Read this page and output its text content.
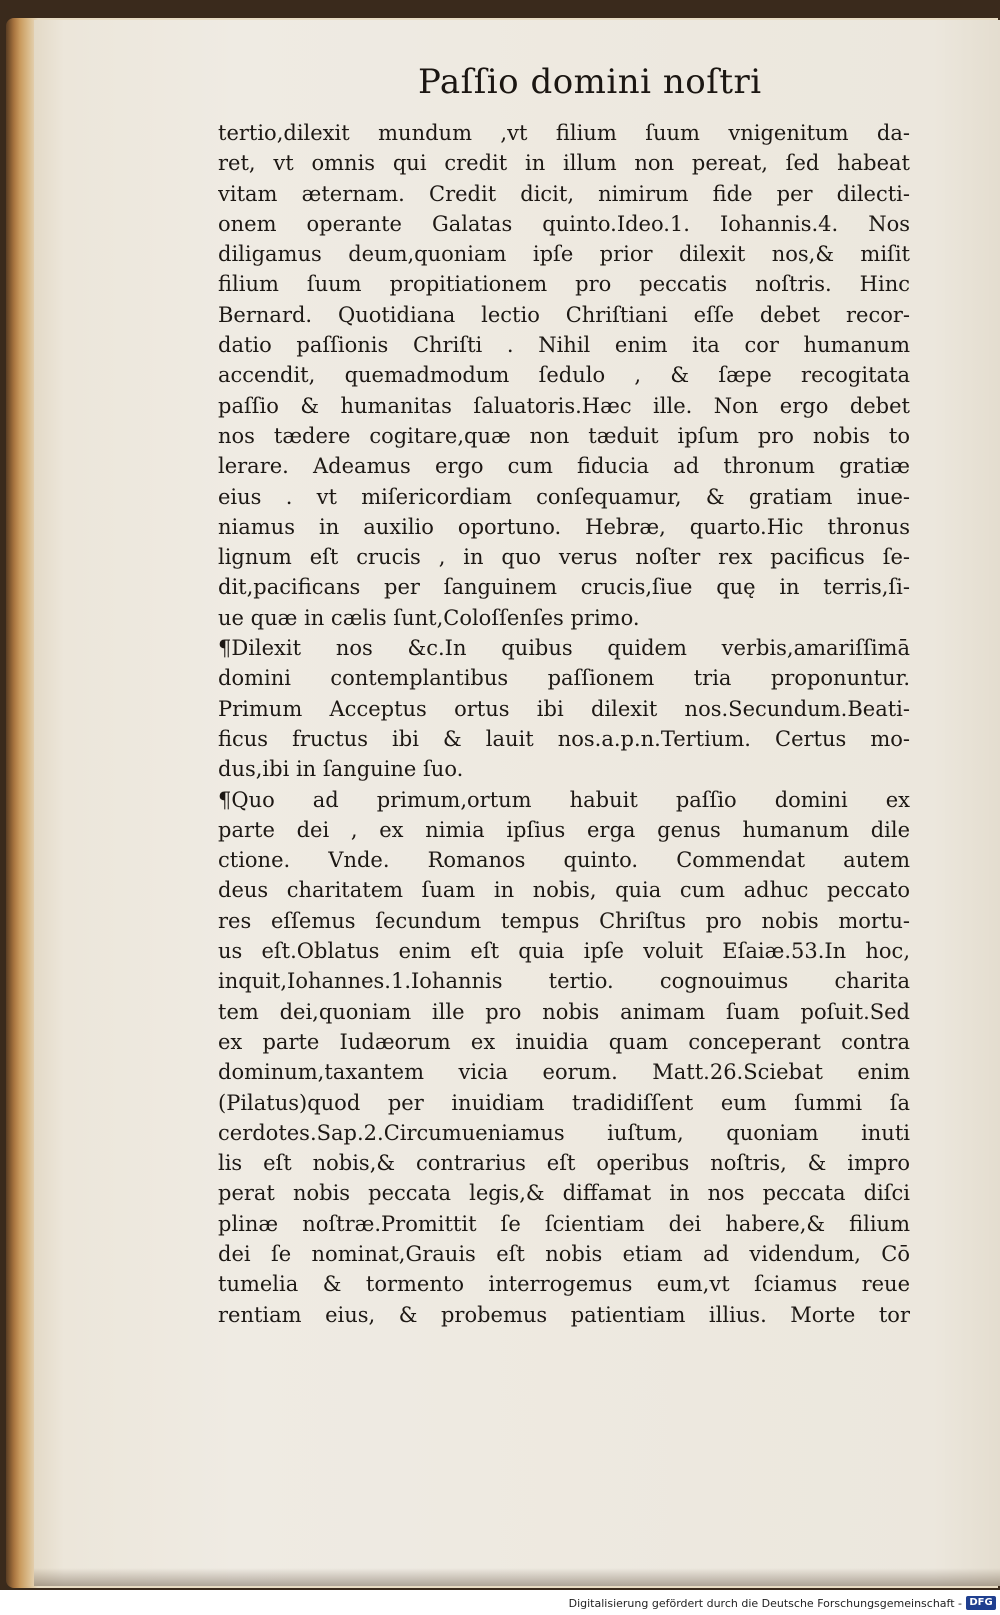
Paſſio domini noſtri
tertio,dilexit mundum ,vt filium ſuum vnigenitum da-
ret, vt omnis qui credit in illum non pereat, ſed habeat
vitam æternam. Credit dicit, nimirum fide per dilecti-
onem operante Galatas quinto.Ideo.1. Iohannis.4. Nos
diligamus deum,quoniam ipſe prior dilexit nos,& miſit
filium ſuum propitiationem pro peccatis noſtris. Hinc
Bernard. Quotidiana lectio Chriſtiani eſſe debet recor-
datio paſſionis Chriſti . Nihil enim ita cor humanum
accendit, quemadmodum ſedulo , & ſæpe recogitata
paſſio & humanitas ſaluatoris.Hæc ille. Non ergo debet
nos tædere cogitare,quæ non tæduit ipſum pro nobis to
lerare. Adeamus ergo cum fiducia ad thronum gratiæ
eius . vt miſericordiam conſequamur, & gratiam inue-
niamus in auxilio oportuno. Hebræ, quarto.Hic thronus
lignum eſt crucis , in quo verus noſter rex pacificus ſe-
dit,pacificans per ſanguinem crucis,ſiue quę in terris,ſi-
ue quæ in cælis ſunt,Coloſſenſes primo.
¶Dilexit nos &c.In quibus quidem verbis,amariſſimā
domini contemplantibus paſſionem tria proponuntur.
Primum Acceptus ortus ibi dilexit nos.Secundum.Beati-
ficus fructus ibi & lauit nos.a.p.n.Tertium. Certus mo-
dus,ibi in ſanguine ſuo.
¶Quo ad primum,ortum habuit paſſio domini ex
parte dei , ex nimia ipſius erga genus humanum dile
ctione. Vnde. Romanos quinto. Commendat autem
deus charitatem ſuam in nobis, quia cum adhuc peccato
res eſſemus ſecundum tempus Chriſtus pro nobis mortu-
us eſt.Oblatus enim eſt quia ipſe voluit Eſaiæ.53.In hoc,
inquit,Iohannes.1.Iohannis tertio. cognouimus charita
tem dei,quoniam ille pro nobis animam ſuam poſuit.Sed
ex parte Iudæorum ex inuidia quam conceperant contra
dominum,taxantem vicia eorum. Matt.26.Sciebat enim
(Pilatus)quod per inuidiam tradidiſſent eum ſummi ſa
cerdotes.Sap.2.Circumueniamus iuſtum, quoniam inuti
lis eſt nobis,& contrarius eſt operibus noſtris, & impro
perat nobis peccata legis,& diffamat in nos peccata diſci
plinæ noſtræ.Promittit ſe ſcientiam dei habere,& filium
dei ſe nominat,Grauis eſt nobis etiam ad videndum, Cō
tumelia & tormento interrogemus eum,vt ſciamus reue
rentiam eius, & probemus patientiam illius. Morte tor
Digitalisierung gefördert durch die Deutsche Forschungsgemeinschaft - DFG
